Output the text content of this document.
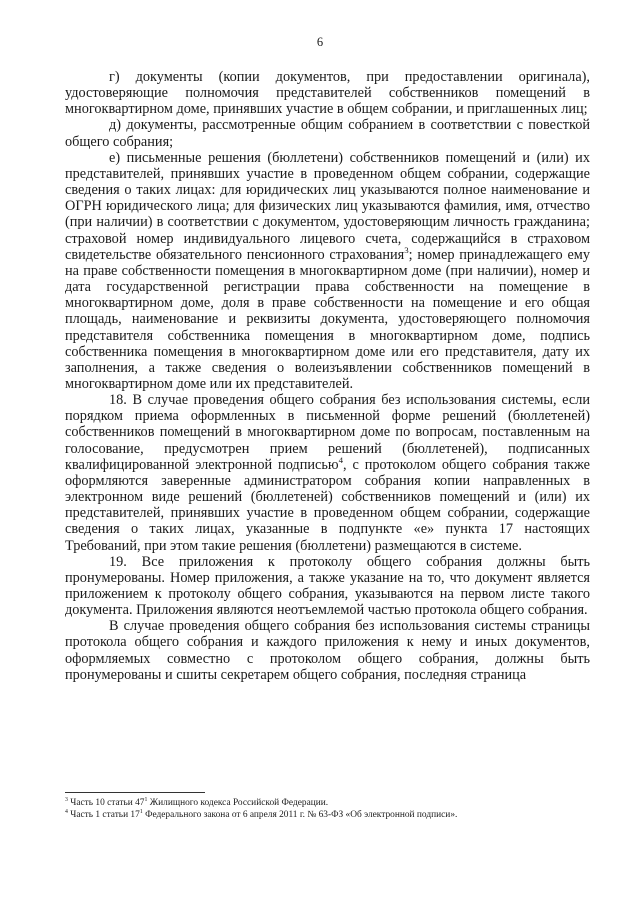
6

г) документы (копии документов, при предоставлении оригинала), удостоверяющие полномочия представителей собственников помещений в многоквартирном доме, принявших участие в общем собрании, и приглашенных лиц;

д) документы, рассмотренные общим собранием в соответствии с повесткой общего собрания;

е) письменные решения (бюллетени) собственников помещений и (или) их представителей, принявших участие в проведенном общем собрании, содержащие сведения о таких лицах: для юридических лиц указываются полное наименование и ОГРН юридического лица; для физических лиц указываются фамилия, имя, отчество (при наличии) в соответствии с документом, удостоверяющим личность гражданина; страховой номер индивидуального лицевого счета, содержащийся в страховом свидетельстве обязательного пенсионного страхования$^3$; номер принадлежащего ему на праве собственности помещения в многоквартирном доме (при наличии), номер и дата государственной регистрации права собственности на помещение в многоквартирном доме, доля в праве собственности на помещение и его общая площадь, наименование и реквизиты документа, удостоверяющего полномочия представителя собственника помещения в многоквартирном доме, подпись собственника помещения в многоквартирном доме или его представителя, дату их заполнения, а также сведения о волеизъявлении собственников помещений в многоквартирном доме или их представителей.

18. В случае проведения общего собрания без использования системы, если порядком приема оформленных в письменной форме решений (бюллетеней) собственников помещений в многоквартирном доме по вопросам, поставленным на голосование, предусмотрен прием решений (бюллетеней), подписанных квалифицированной электронной подписью$^4$, с протоколом общего собрания также оформляются заверенные администратором собрания копии направленных в электронном виде решений (бюллетеней) собственников помещений и (или) их представителей, принявших участие в проведенном общем собрании, содержащие сведения о таких лицах, указанные в подпункте «е» пункта 17 настоящих Требований, при этом такие решения (бюллетени) размещаются в системе.

19. Все приложения к протоколу общего собрания должны быть пронумерованы. Номер приложения, а также указание на то, что документ является приложением к протоколу общего собрания, указываются на первом листе такого документа. Приложения являются неотъемлемой частью протокола общего собрания.

В случае проведения общего собрания без использования системы страницы протокола общего собрания и каждого приложения к нему и иных документов, оформляемых совместно с протоколом общего собрания, должны быть пронумерованы и сшиты секретарем общего собрания, последняя страница

$^3$ Часть 10 статьи $47^1$ Жилищного кодекса Российской Федерации.
$^4$ Часть 1 статьи $17^1$ Федерального закона от 6 апреля 2011 г. № 63-ФЗ «Об электронной подписи».
